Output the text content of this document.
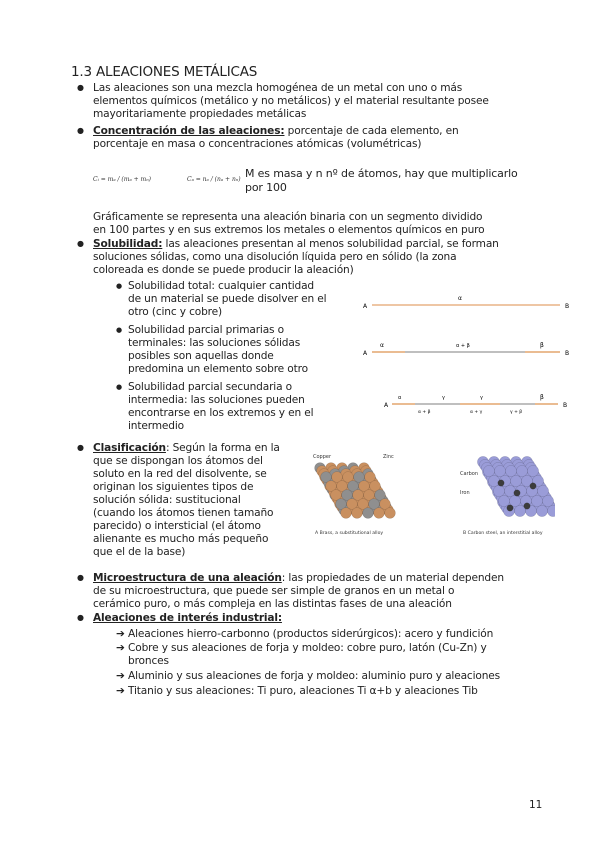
1.3 ALEACIONES METÁLICAS
● Las aleaciones son una mezcla homogénea de un metal con uno o más
elementos químicos (metálico y no metálicos) y el material resultante posee
mayoritariamente propiedades metálicas
● Concentración de las aleaciones: porcentaje de cada elemento, en
porcentaje en masa o concentraciones atómicas (volumétricas)
Cᵢ = mₐ / (mₐ + mₙ)	Cₐ = nₐ / (nₐ + nₙ) M es masa y n nº de átomos, hay que multiplicarlo
por 100
Gráficamente se representa una aleación binaria con un segmento dividido
en 100 partes y en sus extremos los metales o elementos químicos en puro
● Solubilidad: las aleaciones presentan al menos solubilidad parcial, se forman
soluciones sólidas, como una disolución líquida pero en sólido (la zona
coloreada es donde se puede producir la aleación)
● Solubilidad total: cualquier cantidad
de un material se puede disolver en el
otro (cinc y cobre)
● Solubilidad parcial primarias o
terminales: las soluciones sólidas
posibles son aquellas donde
predomina un elemento sobre otro
● Solubilidad parcial secundaria o
intermedia: las soluciones pueden
encontrarse en los extremos y en el
intermedio
A	B
α
A	B
α	α + β	β
A	B
α	γ	γ	β
α + β	α + γ	γ + β
● Clasificación: Según la forma en la
que se dispongan los átomos del
soluto en la red del disolvente, se
originan los siguientes tipos de
solución sólida: sustitucional
(cuando los átomos tienen tamaño
parecido) o intersticial (el átomo
alienante es mucho más pequeño
que el de la base)
Copper	Zinc
A Brass, a substitutional alloy
Carbon
Iron
B Carbon steel, an interstitial alloy
● Microestructura de una aleación: las propiedades de un material dependen
de su microestructura, que puede ser simple de granos en un metal o
cerámico puro, o más compleja en las distintas fases de una aleación
● Aleaciones de interés industrial:
➔ Aleaciones hierro-carbonno (productos siderúrgicos): acero y fundición
➔ Cobre y sus aleaciones de forja y moldeo: cobre puro, latón (Cu-Zn) y
bronces
➔ Aluminio y sus aleaciones de forja y moldeo: aluminio puro y aleaciones
➔ Titanio y sus aleaciones: Ti puro, aleaciones Ti α+b y aleaciones Tib
11
